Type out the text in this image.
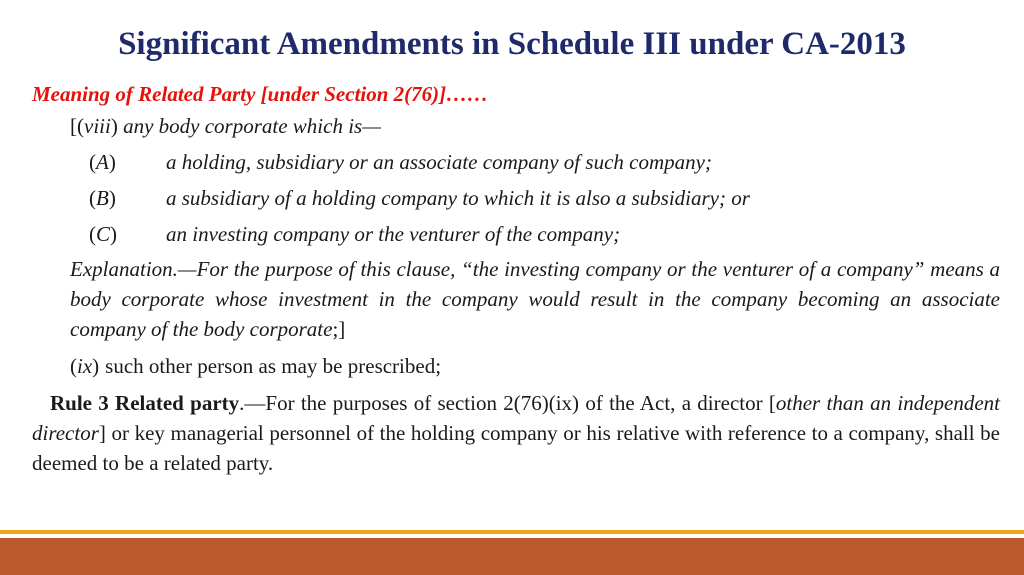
Significant Amendments in Schedule III under CA-2013
Meaning of Related Party [under Section 2(76)]……
[(viii) any body corporate which is—
(A) a holding, subsidiary or an associate company of such company;
(B) a subsidiary of a holding company to which it is also a subsidiary; or
(C) an investing company or the venturer of the company;
Explanation.—For the purpose of this clause, “the investing company or the venturer of a company” means a body corporate whose investment in the company would result in the company becoming an associate company of the body corporate;]
(ix) such other person as may be prescribed;
Rule 3 Related party.—For the purposes of section 2(76)(ix) of the Act, a director [other than an independent director] or key managerial personnel of the holding company or his relative with reference to a company, shall be deemed to be a related party.
